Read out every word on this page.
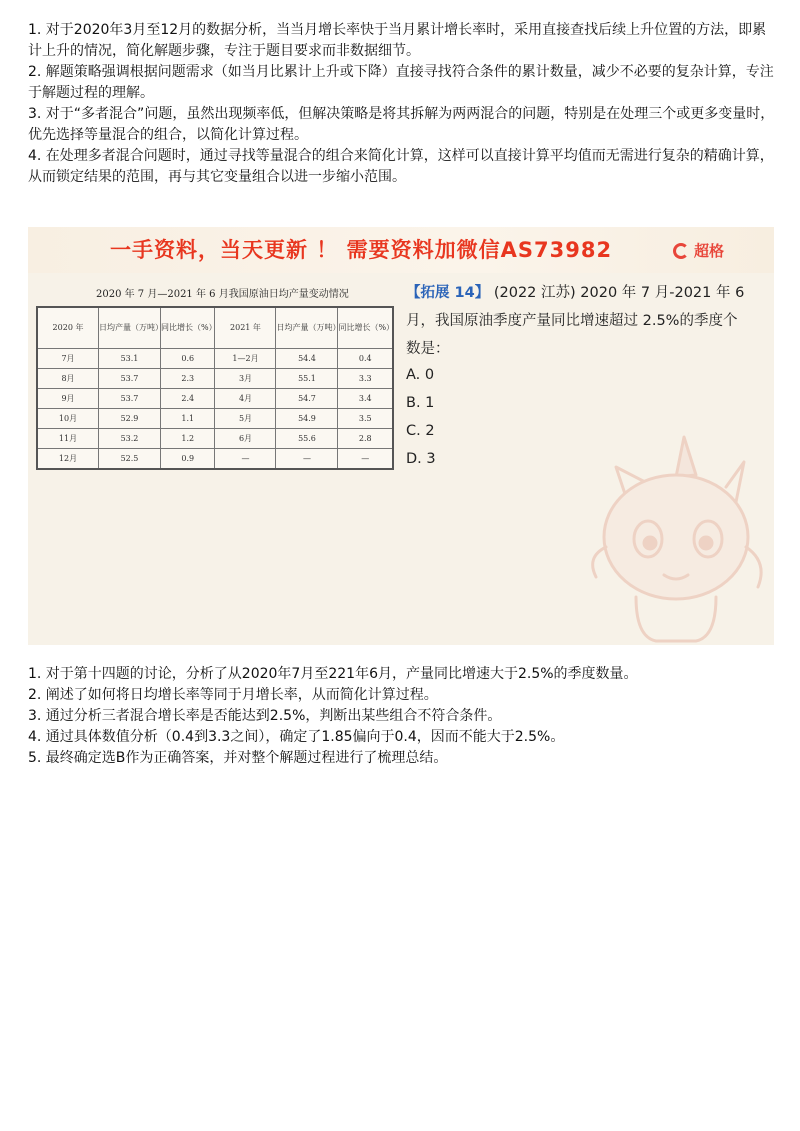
1. 对于2020年3月至12月的数据分析，当当月增长率快于当月累计增长率时，采用直接查找后续上升位置的方法，即累计上升的情况，简化解题步骤，专注于题目要求而非数据细节。

2. 解题策略强调根据问题需求（如当月比累计上升或下降）直接寻找符合条件的累计数量，减少不必要的复杂计算，专注于解题过程的理解。

3. 对于“多者混合”问题，虽然出现频率低，但解决策略是将其拆解为两两混合的问题，特别是在处理三个或更多变量时，优先选择等量混合的组合，以简化计算过程。

4. 在处理多者混合问题时，通过寻找等量混合的组合来简化计算，这样可以直接计算平均值而无需进行复杂的精确计算，从而锁定结果的范围，再与其它变量组合以进一步缩小范围。

一手资料，当天更新 ！ 需要资料加微信AS73982	超格
2020 年 7 月—2021 年 6 月我国原油日均产量变动情况
2020 年	日均产量（万吨）	同比增长（%）	2021 年	日均产量（万吨）	同比增长（%）
7月	53.1	0.6	1—2月	54.4	0.4
8月	53.7	2.3	3月	55.1	3.3
9月	53.7	2.4	4月	54.7	3.4
10月	52.9	1.1	5月	54.9	3.5
11月	53.2	1.2	6月	55.6	2.8
12月	52.5	0.9	—	—	—
【拓展 14】 (2022 江苏) 2020 年 7 月-2021 年 6 月，我国原油季度产量同比增速超过 2.5%的季度个数是：
A. 0
B. 1
C. 2
D. 3

1. 对于第十四题的讨论，分析了从2020年7月至221年6月，产量同比增速大于2.5%的季度数量。

2. 阐述了如何将日均增长率等同于月增长率，从而简化计算过程。

3. 通过分析三者混合增长率是否能达到2.5%，判断出某些组合不符合条件。

4. 通过具体数值分析（0.4到3.3之间），确定了1.85偏向于0.4，因而不能大于2.5%。

5. 最终确定选B作为正确答案，并对整个解题过程进行了梳理总结。
